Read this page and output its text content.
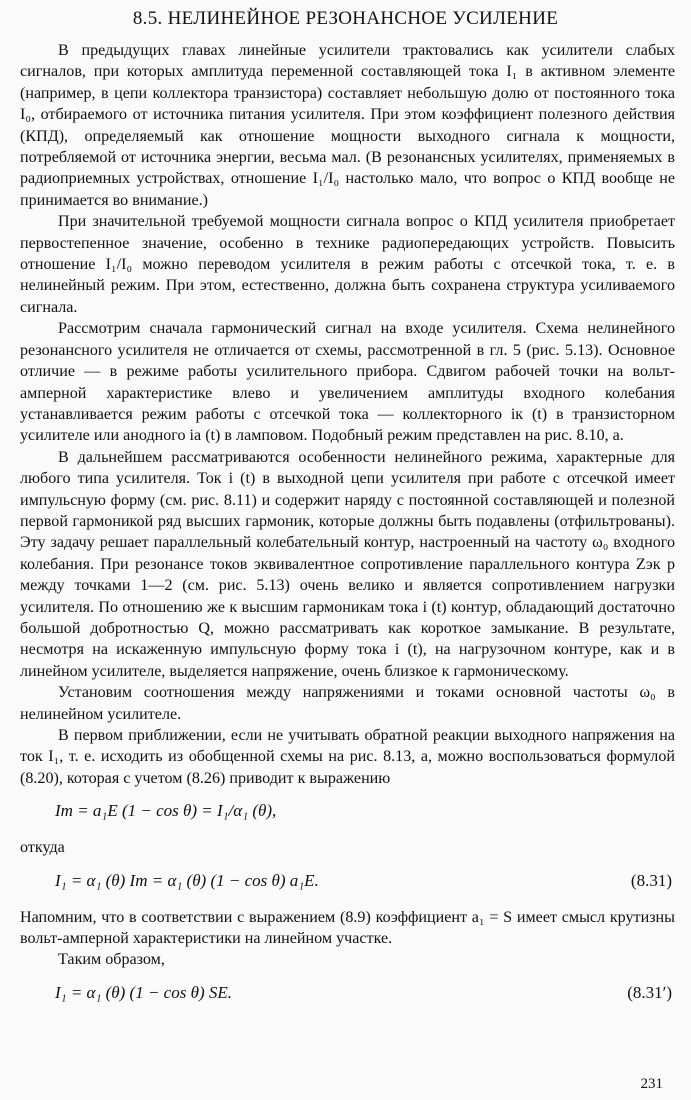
8.5. НЕЛИНЕЙНОЕ РЕЗОНАНСНОЕ УСИЛЕНИЕ

В предыдущих главах линейные усилители трактовались как усилители слабых сигналов, при которых амплитуда переменной составляющей тока I₁ в активном элементе (например, в цепи коллектора транзистора) составляет небольшую долю от постоянного тока I₀, отбираемого от источника питания усилителя. При этом коэффициент полезного действия (КПД), определяемый как отношение мощности выходного сигнала к мощности, потребляемой от источника энергии, весьма мал. (В резонансных усилителях, применяемых в радиоприемных устройствах, отношение I₁/I₀ настолько мало, что вопрос о КПД вообще не принимается во внимание.)

При значительной требуемой мощности сигнала вопрос о КПД усилителя приобретает первостепенное значение, особенно в технике радиопередающих устройств. Повысить отношение I₁/I₀ можно переводом усилителя в режим работы с отсечкой тока, т. е. в нелинейный режим. При этом, естественно, должна быть сохранена структура усиливаемого сигнала.

Рассмотрим сначала гармонический сигнал на входе усилителя. Схема нелинейного резонансного усилителя не отличается от схемы, рассмотренной в гл. 5 (рис. 5.13). Основное отличие — в режиме работы усилительного прибора. Сдвигом рабочей точки на вольт-амперной характеристике влево и увеличением амплитуды входного колебания устанавливается режим работы с отсечкой тока — коллекторного iк (t) в транзисторном усилителе или анодного iа (t) в ламповом. Подобный режим представлен на рис. 8.10, а.

В дальнейшем рассматриваются особенности нелинейного режима, характерные для любого типа усилителя. Ток i (t) в выходной цепи усилителя при работе с отсечкой имеет импульсную форму (см. рис. 8.11) и содержит наряду с постоянной составляющей и полезной первой гармоникой ряд высших гармоник, которые должны быть подавлены (отфильтрованы). Эту задачу решает параллельный колебательный контур, настроенный на частоту ω₀ входного колебания. При резонансе токов эквивалентное сопротивление параллельного контура Zэк р между точками 1—2 (см. рис. 5.13) очень велико и является сопротивлением нагрузки усилителя. По отношению же к высшим гармоникам тока i (t) контур, обладающий достаточно большой добротностью Q, можно рассматривать как короткое замыкание. В результате, несмотря на искаженную импульсную форму тока i (t), на нагрузочном контуре, как и в линейном усилителе, выделяется напряжение, очень близкое к гармоническому.

Установим соотношения между напряжениями и токами основной частоты ω₀ в нелинейном усилителе.

В первом приближении, если не учитывать обратной реакции выходного напряжения на ток I₁, т. е. исходить из обобщенной схемы на рис. 8.13, а, можно воспользоваться формулой (8.20), которая с учетом (8.26) приводит к выражению

Im = a₁E (1 − cos θ) = I₁/α₁ (θ),

откуда

I₁ = α₁ (θ) Im = α₁ (θ) (1 − cos θ) a₁E.	(8.31)

Напомним, что в соответствии с выражением (8.9) коэффициент a₁ = S имеет смысл крутизны вольт-амперной характеристики на линейном участке.

Таким образом,

I₁ = α₁ (θ) (1 − cos θ) SE.	(8.31′)
231
